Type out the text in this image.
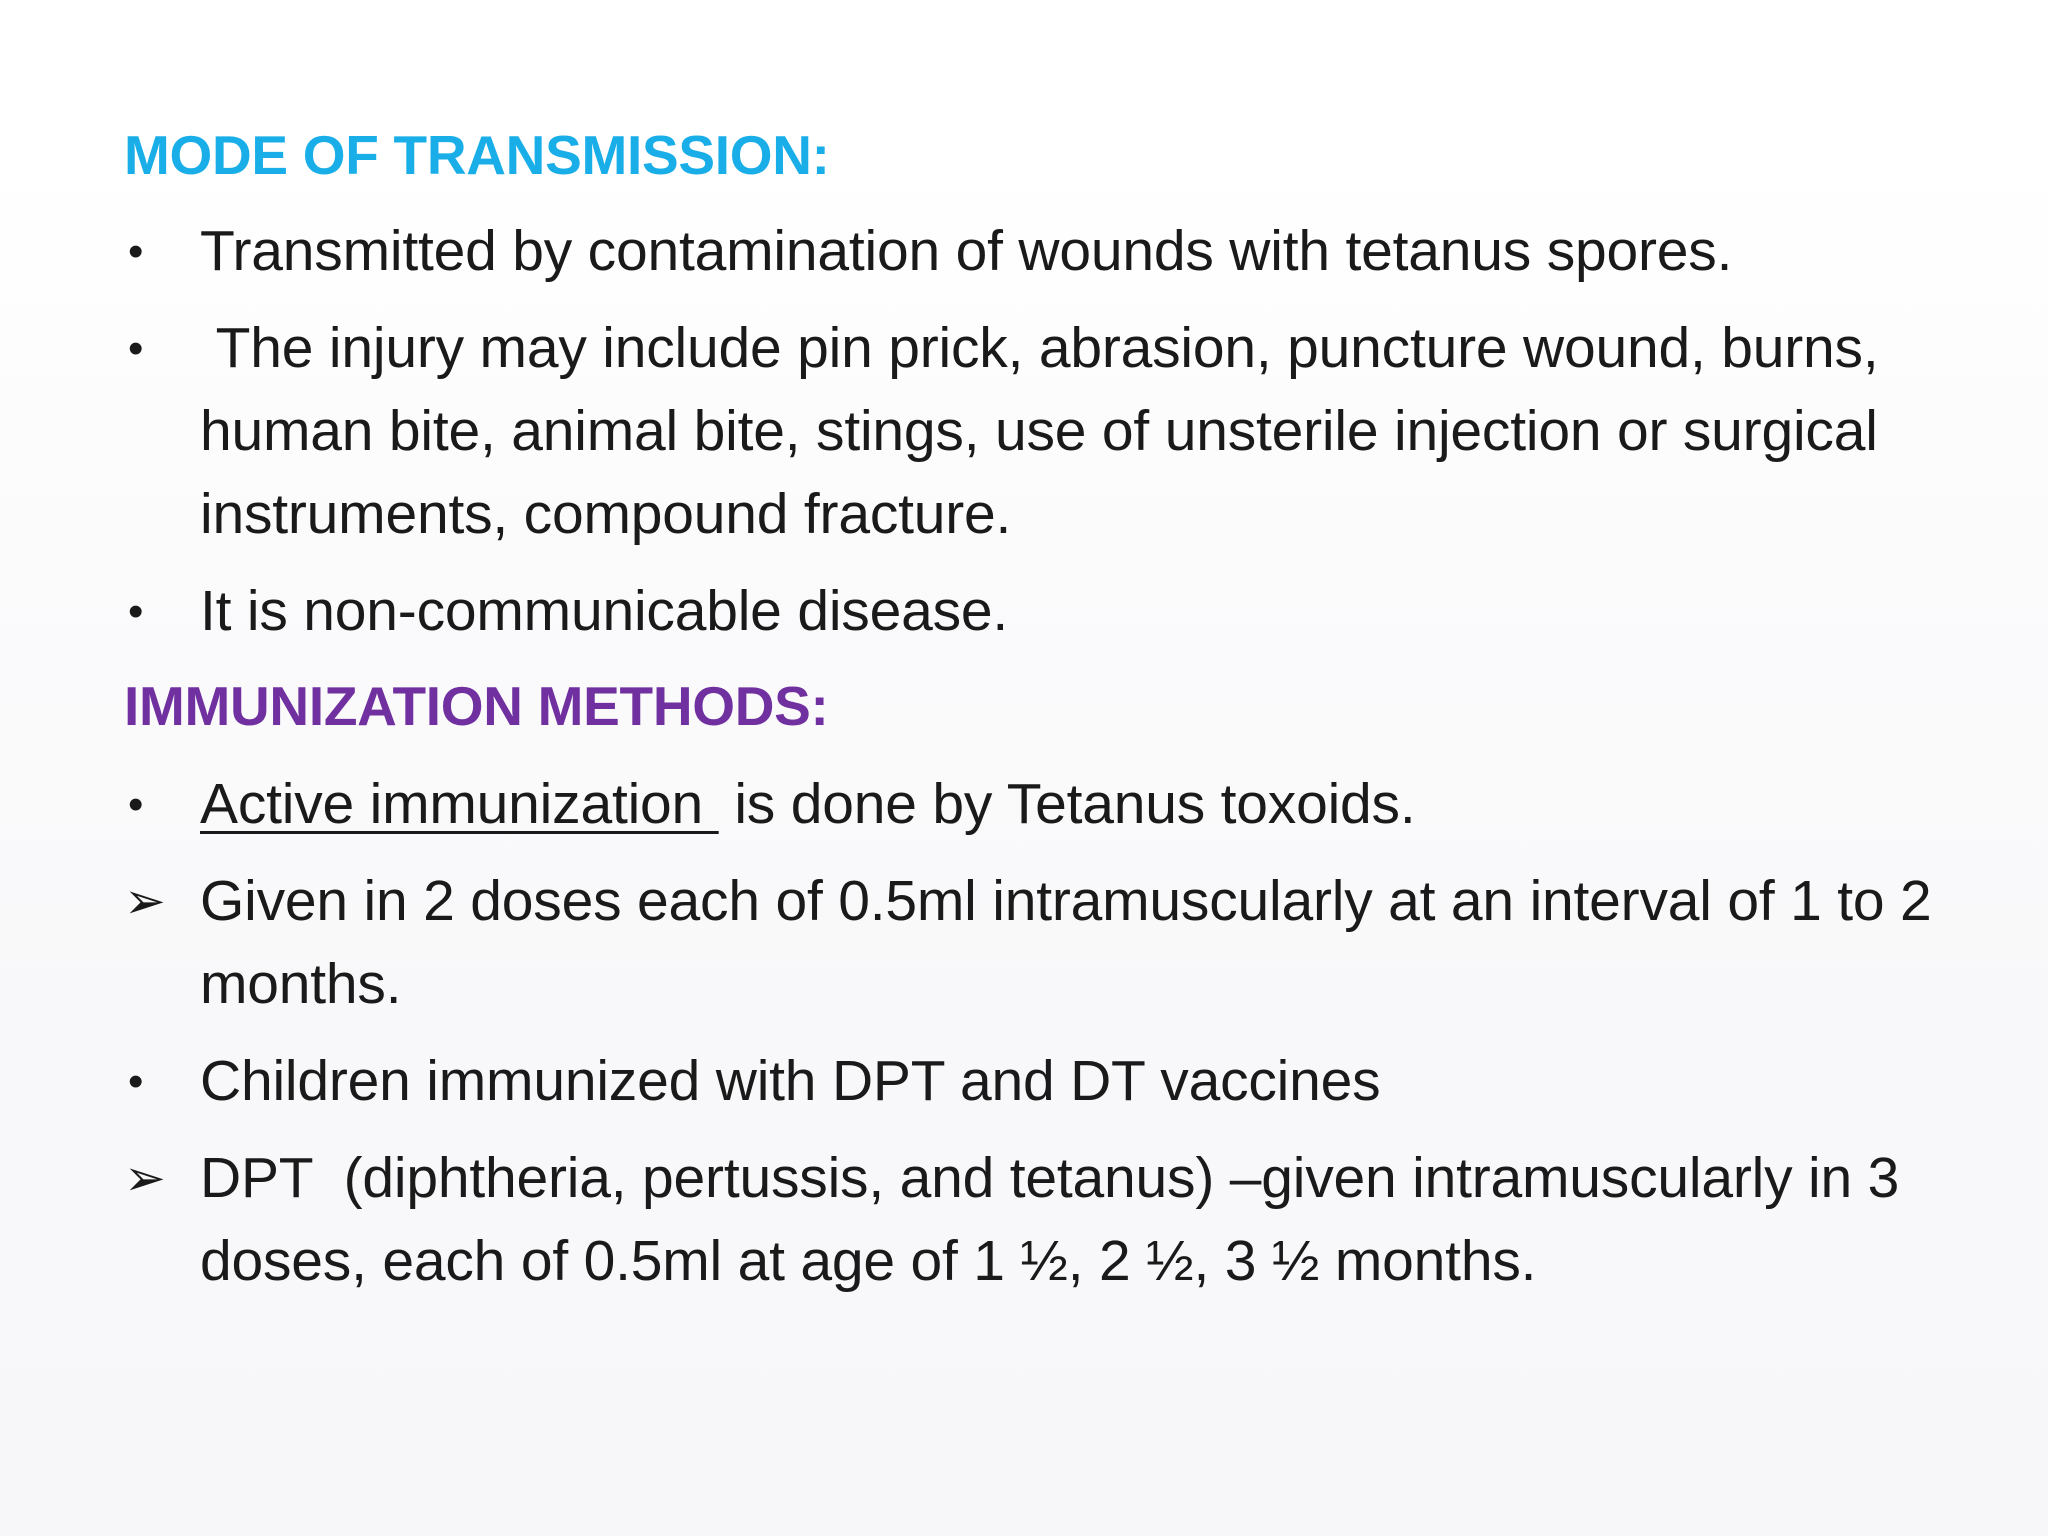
MODE OF TRANSMISSION:
• Transmitted by contamination of wounds with tetanus spores.
• The injury may include pin prick, abrasion, puncture wound, burns, human bite, animal bite, stings, use of unsterile injection or surgical instruments, compound fracture.
• It is non-communicable disease.
IMMUNIZATION METHODS:
• Active immunization  is done by Tetanus toxoids.
➢ Given in 2 doses each of 0.5ml intramuscularly at an interval of 1 to 2 months.
• Children immunized with DPT and DT vaccines
➢ DPT  (diphtheria, pertussis, and tetanus) –given intramuscularly in 3 doses, each of 0.5ml at age of 1 ½, 2 ½, 3 ½ months.
